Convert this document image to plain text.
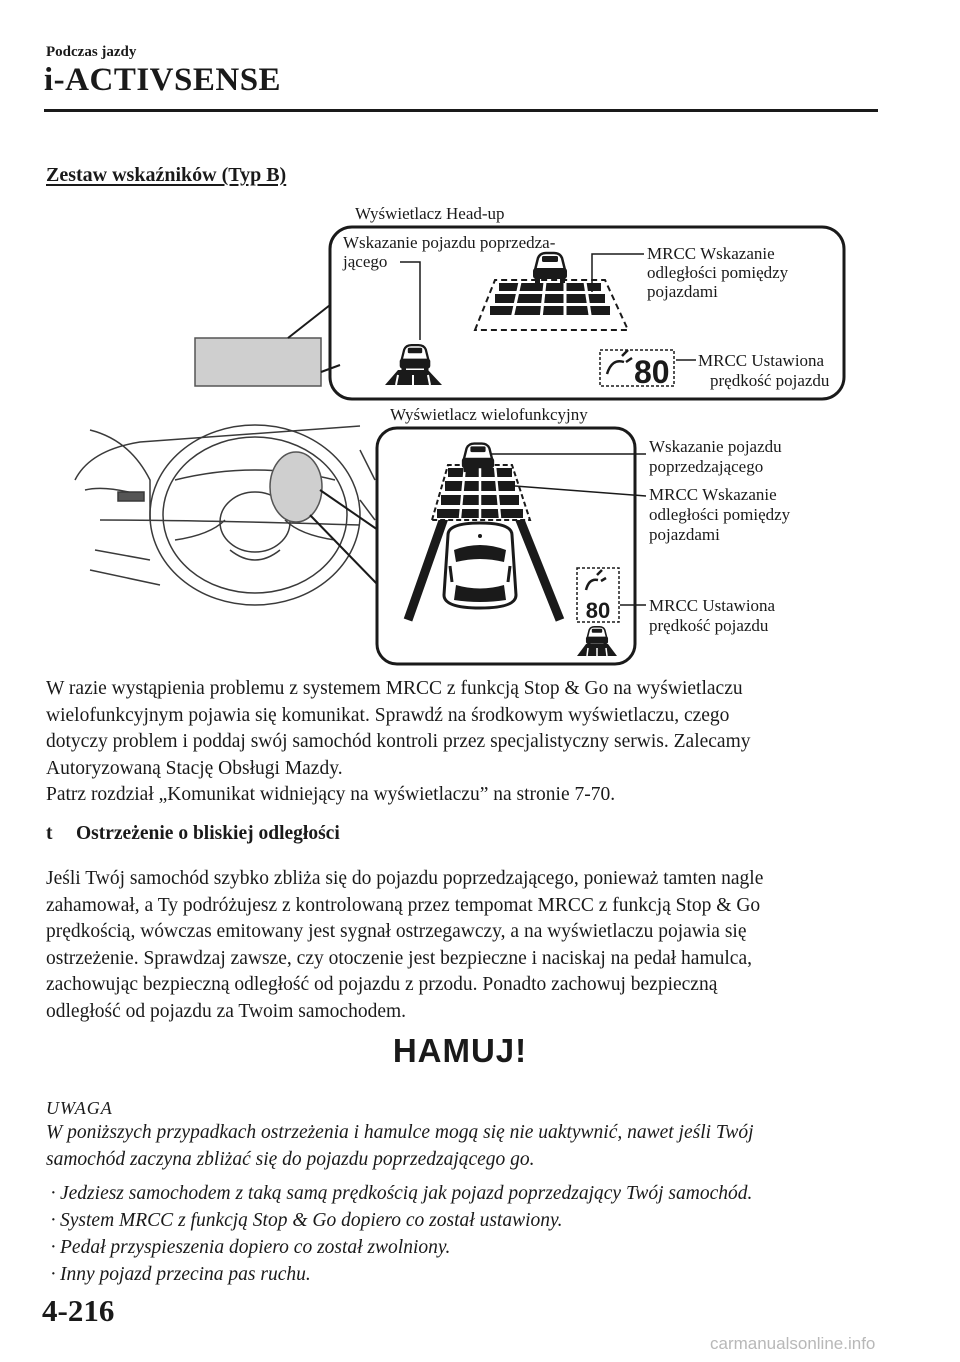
Podczas jazdy
i-ACTIVSENSE
Zestaw wskaźników (Typ B)
Wyświetlacz Head-up
80
Wskazanie pojazdu poprzedza- jącego	MRCC Wskazanie odległości pomiędzy pojazdami
MRCC Ustawiona prędkość pojazdu
Wyświetlacz wielofunkcyjny
80
Wskazanie pojazdu poprzedzającego
MRCC Wskazanie odległości pomiędzy pojazdami
MRCC Ustawiona prędkość pojazdu
W razie wystąpienia problemu z systemem MRCC z funkcją Stop & Go na wyświetlaczu
wielofunkcyjnym pojawia się komunikat. Sprawdź na środkowym wyświetlaczu, czego
dotyczy problem i poddaj swój samochód kontroli przez specjalistyczny serwis. Zalecamy
Autoryzowaną Stację Obsługi Mazdy.
Patrz rozdział „Komunikat widniejący na wyświetlaczu” na stronie 7-70.
t Ostrzeżenie o bliskiej odległości
Jeśli Twój samochód szybko zbliża się do pojazdu poprzedzającego, ponieważ tamten nagle
zahamował, a Ty podróżujesz z kontrolowaną przez tempomat MRCC z funkcją Stop & Go
prędkością, wówczas emitowany jest sygnał ostrzegawczy, a na wyświetlaczu pojawia się
ostrzeżenie. Sprawdzaj zawsze, czy otoczenie jest bezpieczne i naciskaj na pedał hamulca,
zachowując bezpieczną odległość od pojazdu z przodu. Ponadto zachowuj bezpieczną
odległość od pojazdu za Twoim samochodem.
HAMUJ!
UWAGA
W poniższych przypadkach ostrzeżenia i hamulce mogą się nie uaktywnić, nawet jeśli Twój
samochód zaczyna zbliżać się do pojazdu poprzedzającego go.
· Jedziesz samochodem z taką samą prędkością jak pojazd poprzedzający Twój samochód.
· System MRCC z funkcją Stop & Go dopiero co został ustawiony.
· Pedał przyspieszenia dopiero co został zwolniony.
· Inny pojazd przecina pas ruchu.
4-216
carmanualsonline.info
